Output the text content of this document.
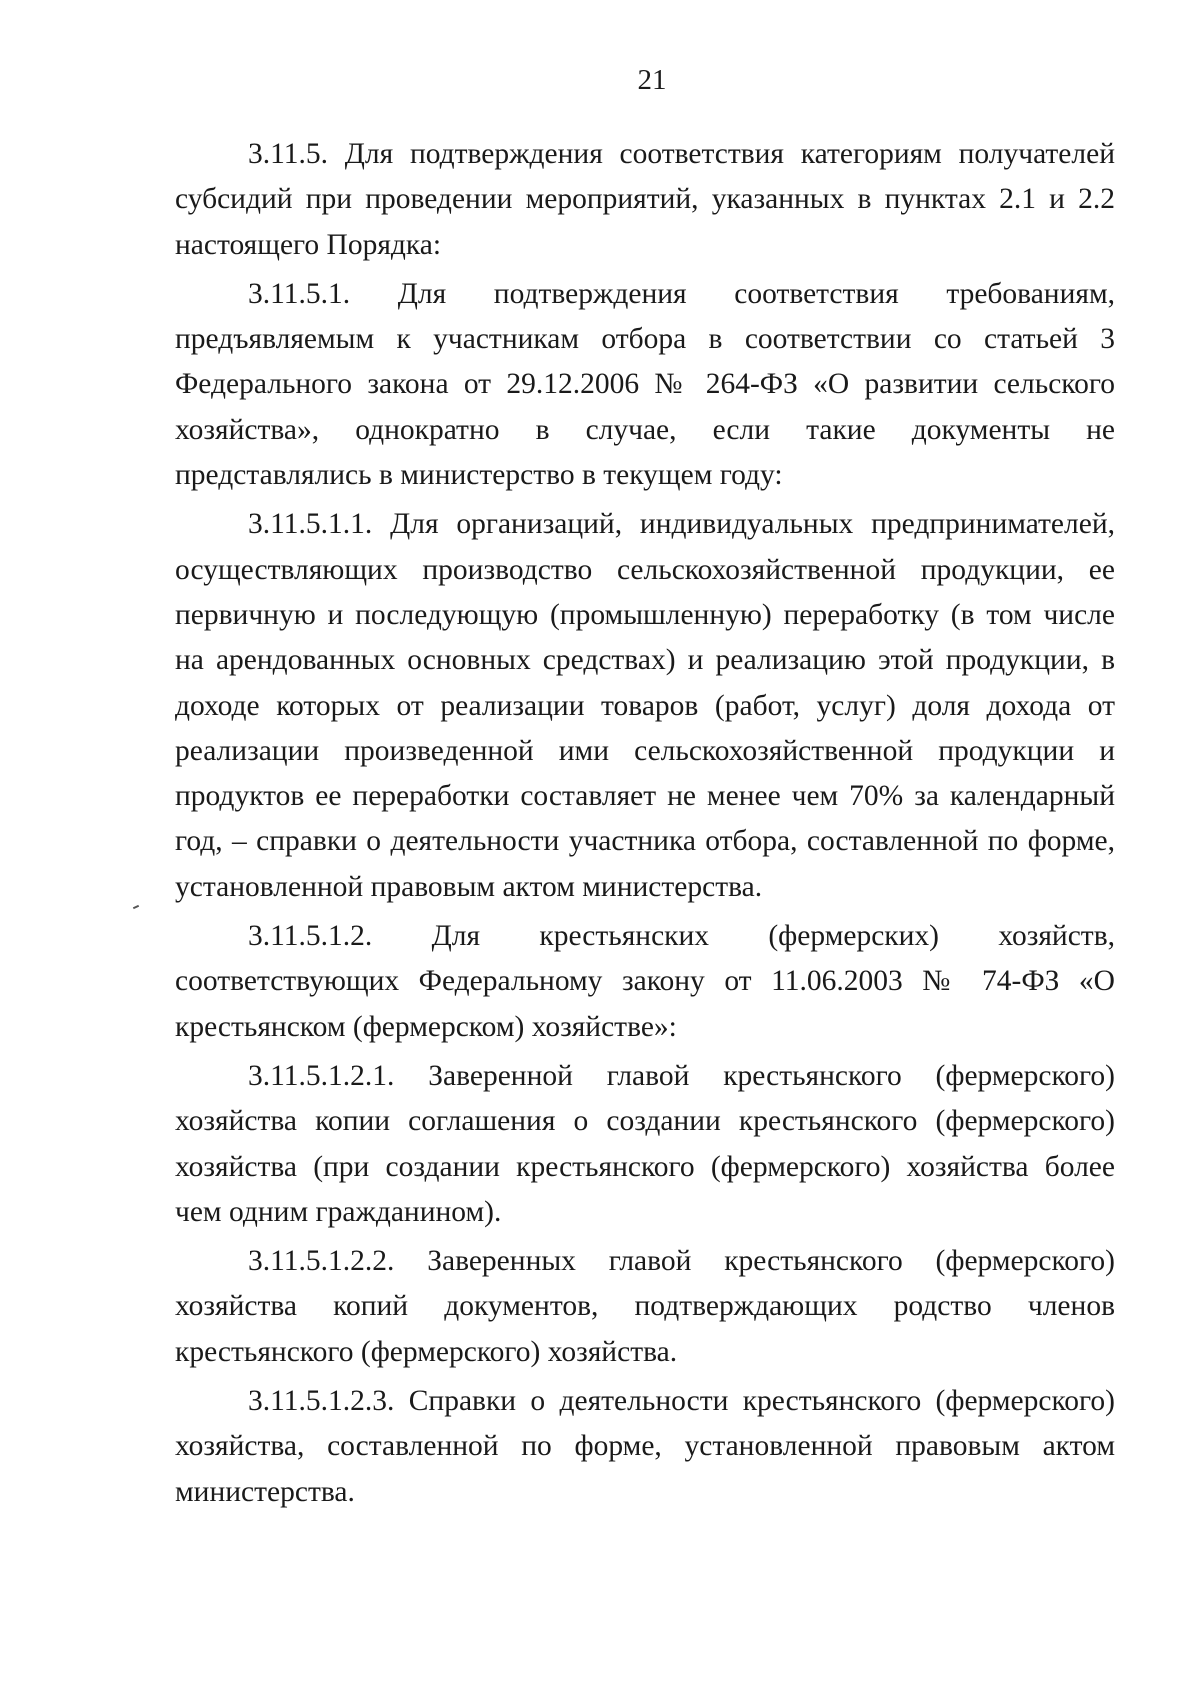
21

3.11.5. Для подтверждения соответствия категориям получателей субсидий при проведении мероприятий, указанных в пунктах 2.1 и 2.2 настоящего Порядка:

3.11.5.1. Для подтверждения соответствия требованиям, предъявляемым к участникам отбора в соответствии со статьей 3 Федерального закона от 29.12.2006 № 264-ФЗ «О развитии сельского хозяйства», однократно в случае, если такие документы не представлялись в министерство в текущем году:

3.11.5.1.1. Для организаций, индивидуальных предпринимателей, осуществляющих производство сельскохозяйственной продукции, ее первичную и последующую (промышленную) переработку (в том числе на арендованных основных средствах) и реализацию этой продукции, в доходе которых от реализации товаров (работ, услуг) доля дохода от реализации произведенной ими сельскохозяйственной продукции и продуктов ее переработки составляет не менее чем 70% за календарный год, – справки о деятельности участника отбора, составленной по форме, установленной правовым актом министерства.

3.11.5.1.2. Для крестьянских (фермерских) хозяйств, соответствующих Федеральному закону от 11.06.2003 № 74-ФЗ «О крестьянском (фермерском) хозяйстве»:

3.11.5.1.2.1. Заверенной главой крестьянского (фермерского) хозяйства копии соглашения о создании крестьянского (фермерского) хозяйства (при создании крестьянского (фермерского) хозяйства более чем одним гражданином).

3.11.5.1.2.2. Заверенных главой крестьянского (фермерского) хозяйства копий документов, подтверждающих родство членов крестьянского (фермерского) хозяйства.

3.11.5.1.2.3. Справки о деятельности крестьянского (фермерского) хозяйства, составленной по форме, установленной правовым актом министерства.
